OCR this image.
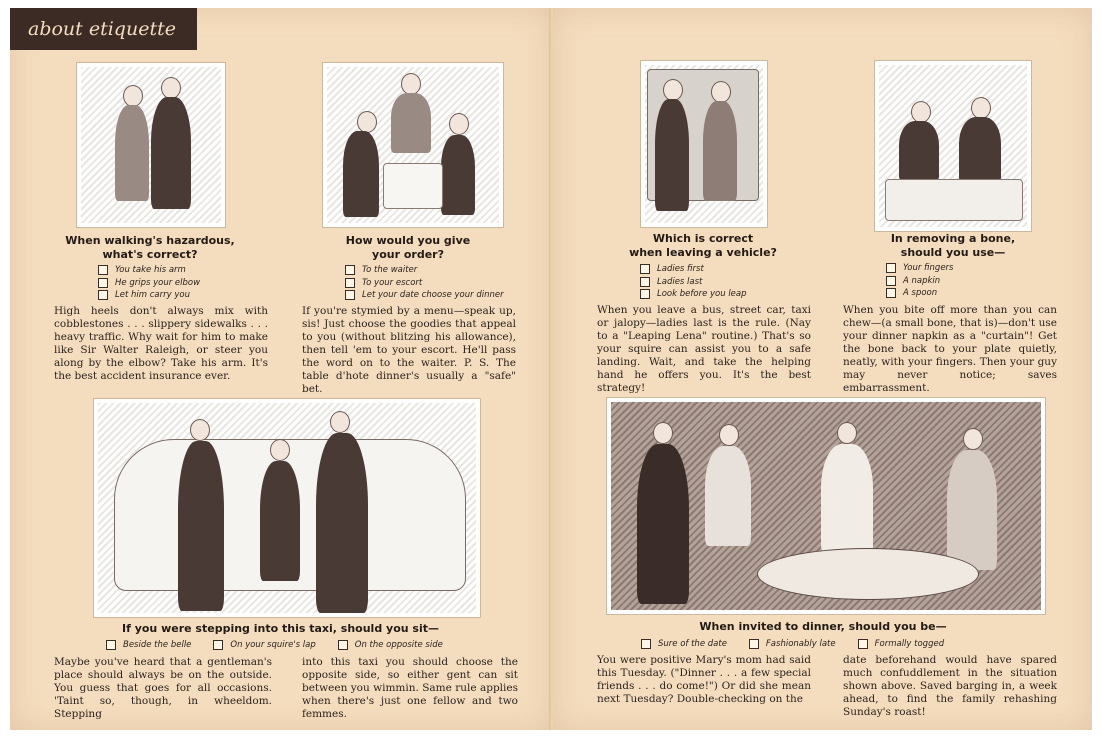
about etiquette
When walking's hazardous,
what's correct?
You take his arm
He grips your elbow
Let him carry you
High heels don't always mix with cobblestones . . . slippery sidewalks . . . heavy traffic. Why wait for him to make like Sir Walter Raleigh, or steer you along by the elbow? Take his arm. It's the best accident insurance ever.
How would you give
your order?
To the waiter
To your escort
Let your date choose your dinner
If you're stymied by a menu—speak up, sis! Just choose the goodies that appeal to you (without blitzing his allowance), then tell 'em to your escort. He'll pass the word on to the waiter. P. S. The table d'hote dinner's usually a "safe" bet.
If you were stepping into this taxi, should you sit—
Beside the belle	On your squire's lap	On the opposite side
Maybe you've heard that a gentleman's place should always be on the outside. You guess that goes for all occasions. 'Taint so, though, in wheeldom. Stepping
into this taxi you should choose the opposite side, so either gent can sit between you wimmin. Same rule applies when there's just one fellow and two femmes.
Which is correct
when leaving a vehicle?
Ladies first
Ladies last
Look before you leap
When you leave a bus, street car, taxi or jalopy—ladies last is the rule. (Nay to a "Leaping Lena" routine.) That's so your squire can assist you to a safe landing. Wait, and take the helping hand he offers you. It's the best strategy!
In removing a bone,
should you use—
Your fingers
A napkin
A spoon
When you bite off more than you can chew—(a small bone, that is)—don't use your dinner napkin as a "curtain"! Get the bone back to your plate quietly, neatly, with your fingers. Then your guy may never notice; saves embarrassment.
When invited to dinner, should you be—
Sure of the date	Fashionably late	Formally togged
You were positive Mary's mom had said this Tuesday. ("Dinner . . . a few special friends . . . do come!") Or did she mean next Tuesday? Double-checking on the
date beforehand would have spared much confuddlement in the situation shown above. Saved barging in, a week ahead, to find the family rehashing Sunday's roast!
